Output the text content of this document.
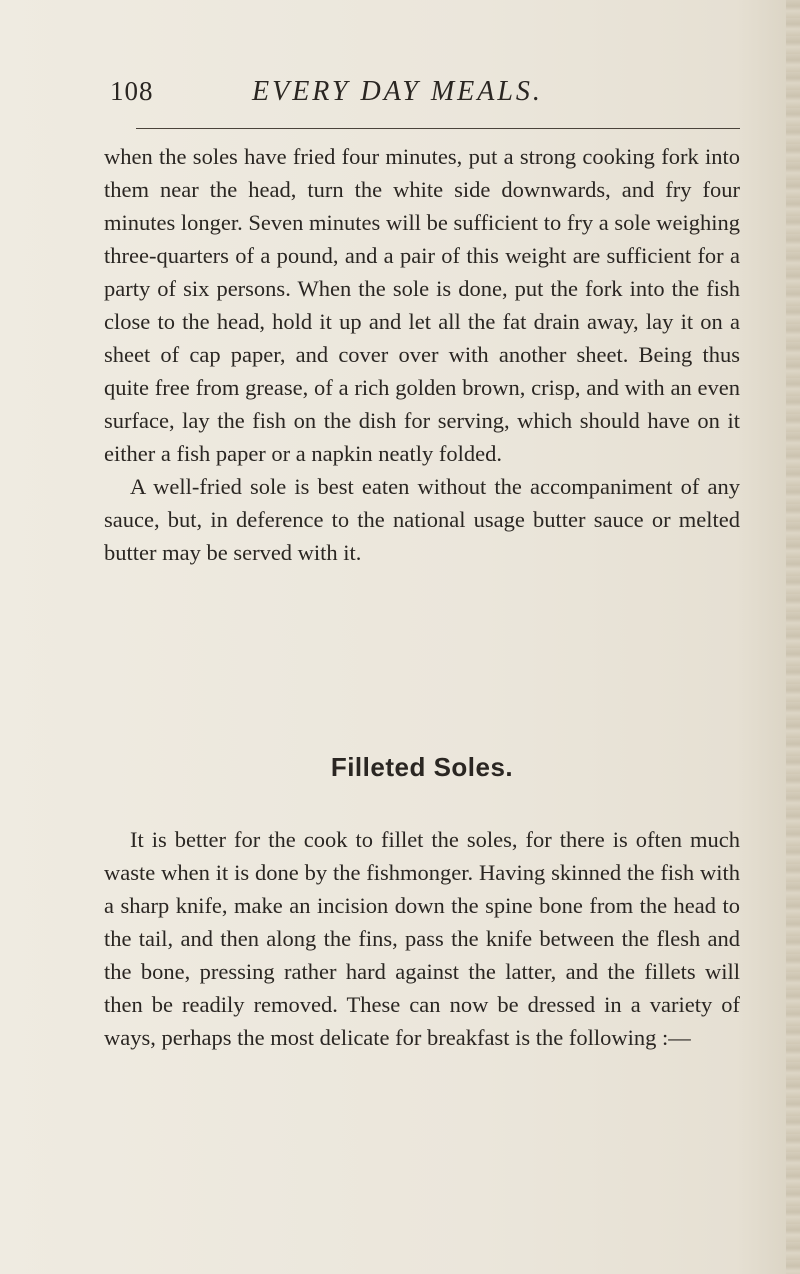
108	EVERY DAY MEALS.

when the soles have fried four minutes, put a strong cooking fork into them near the head, turn the white side downwards, and fry four minutes longer. Seven minutes will be sufficient to fry a sole weighing three-quarters of a pound, and a pair of this weight are sufficient for a party of six persons. When the sole is done, put the fork into the fish close to the head, hold it up and let all the fat drain away, lay it on a sheet of cap paper, and cover over with another sheet. Being thus quite free from grease, of a rich golden brown, crisp, and with an even surface, lay the fish on the dish for serving, which should have on it either a fish paper or a napkin neatly folded.

A well-fried sole is best eaten without the accompaniment of any sauce, but, in deference to the national usage butter sauce or melted butter may be served with it.

Filleted Soles.
It is better for the cook to fillet the soles, for there is often much waste when it is done by the fishmonger. Having skinned the fish with a sharp knife, make an incision down the spine bone from the head to the tail, and then along the fins, pass the knife between the flesh and the bone, pressing rather hard against the latter, and the fillets will then be readily removed. These can now be dressed in a variety of ways, perhaps the most delicate for breakfast is the following :—
